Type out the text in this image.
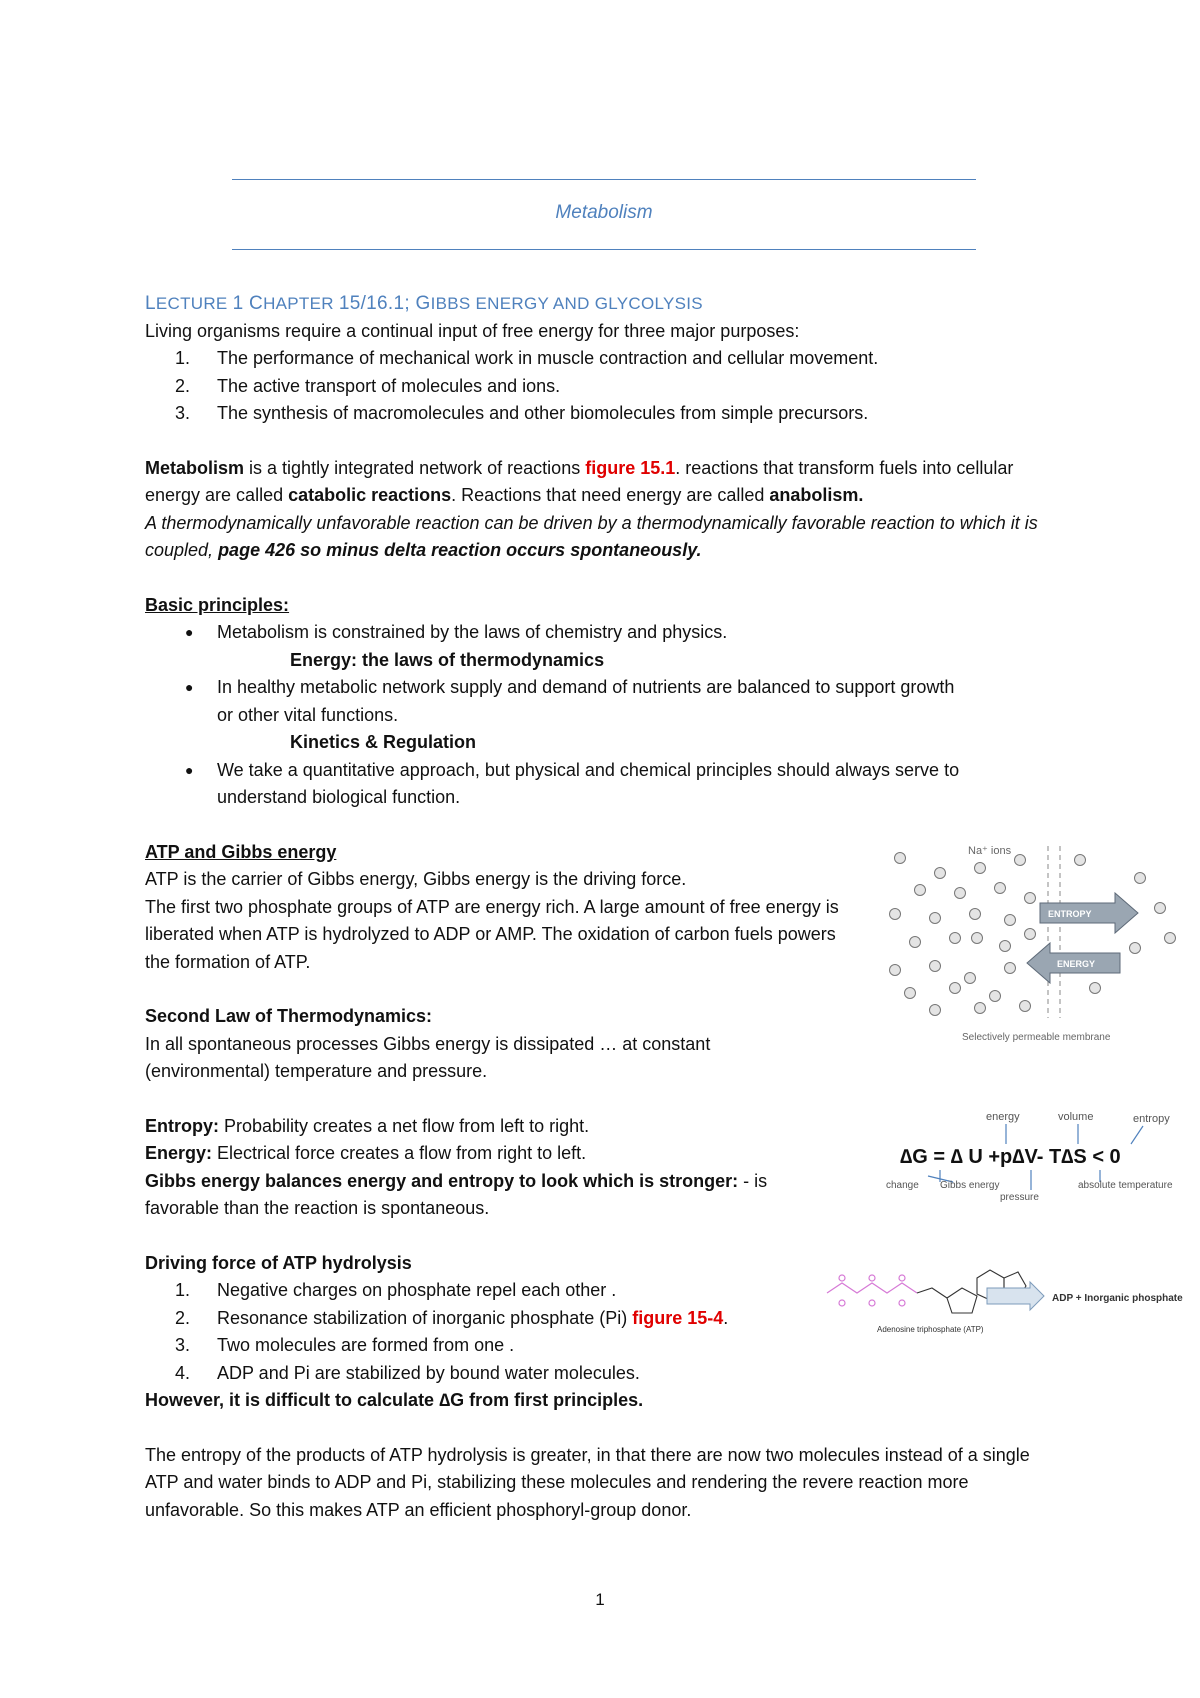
Metabolism

LECTURE 1 CHAPTER 15/16.1; GIBBS ENERGY AND GLYCOLYSIS

Living organisms require a continual input of free energy for three major purposes:

1.	The performance of mechanical work in muscle contraction and cellular movement.
2.	The active transport of molecules and ions.
3.	The synthesis of macromolecules and other biomolecules from simple precursors.

Metabolism is a tightly integrated network of reactions figure 15.1. reactions that transform fuels into cellular energy are called catabolic reactions. Reactions that need energy are called anabolism.
A thermodynamically unfavorable reaction can be driven by a thermodynamically favorable reaction to which it is coupled, page 426 so minus delta reaction occurs spontaneously.

Basic principles:

● Metabolism is constrained by the laws of chemistry and physics.

Energy: the laws of thermodynamics

● In healthy metabolic network supply and demand of nutrients are balanced to support growth or other vital functions.

Kinetics & Regulation

● We take a quantitative approach, but physical and chemical principles should always serve to understand biological function.

ATP and Gibbs energy

ATP is the carrier of Gibbs energy, Gibbs energy is the driving force.

The first two phosphate groups of ATP are energy rich. A large amount of free energy is liberated when ATP is hydrolyzed to ADP or AMP. The oxidation of carbon fuels powers the formation of ATP.

Second Law of Thermodynamics:

In all spontaneous processes Gibbs energy is dissipated … at constant (environmental) temperature and pressure.

Entropy: Probability creates a net flow from left to right.

Energy: Electrical force creates a flow from right to left.

Gibbs energy balances energy and entropy to look which is stronger: - is favorable than the reaction is spontaneous.

Driving force of ATP hydrolysis

1.	Negative charges on phosphate repel each other .
2.	Resonance stabilization of inorganic phosphate (Pi) figure 15-4.
3.	Two molecules are formed from one .
4.	ADP and Pi are stabilized by bound water molecules.

However, it is difficult to calculate ∆G from first principles.

The entropy of the products of ATP hydrolysis is greater, in that there are now two molecules instead of a single ATP and water binds to ADP and Pi, stabilizing these molecules and rendering the revere reaction more unfavorable. So this makes ATP an efficient phosphoryl-group donor.

Na⁺ ions
ENTROPY
ENERGY
Selectively permeable membrane
energy	volume	entropy
∆G = ∆ U +p∆V- T∆S < 0
change Gibbs energy
pressure
absolute temperature
Adenosine triphosphate (ATP)
ADP + Inorganic phosphate
1
